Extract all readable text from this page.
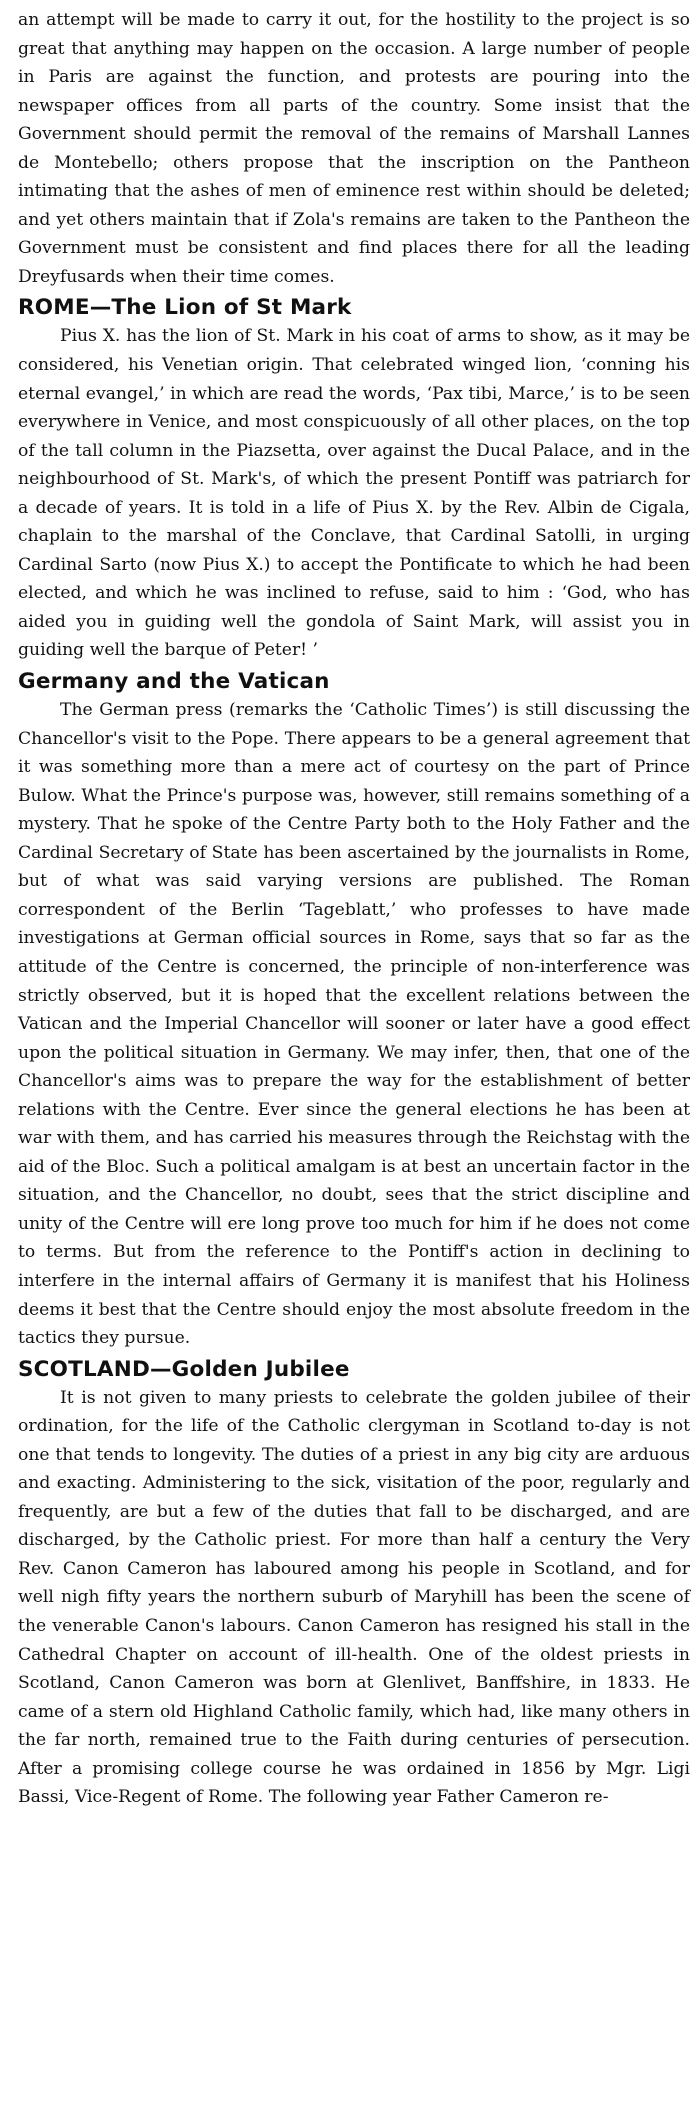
an attempt will be made to carry it out, for the hostility to the project is so great that anything may happen on the occasion. A large number of people in Paris are against the function, and protests are pouring into the newspaper offices from all parts of the country. Some insist that the Government should permit the removal of the remains of Marshall Lannes de Montebello; others propose that the inscription on the Pantheon intimating that the ashes of men of eminence rest within should be deleted; and yet others maintain that if Zola's remains are taken to the Pantheon the Government must be consistent and find places there for all the leading Dreyfusards when their time comes.

ROME—The Lion of St Mark

Pius X. has the lion of St. Mark in his coat of arms to show, as it may be considered, his Venetian origin. That celebrated winged lion, ‘conning his eternal evangel,’ in which are read the words, ‘Pax tibi, Marce,’ is to be seen everywhere in Venice, and most conspicuously of all other places, on the top of the tall column in the Piazsetta, over against the Ducal Palace, and in the neighbourhood of St. Mark's, of which the present Pontiff was patriarch for a decade of years. It is told in a life of Pius X. by the Rev. Albin de Cigala, chaplain to the marshal of the Conclave, that Cardinal Satolli, in urging Cardinal Sarto (now Pius X.) to accept the Pontificate to which he had been elected, and which he was inclined to refuse, said to him : ‘God, who has aided you in guiding well the gondola of Saint Mark, will assist you in guiding well the barque of Peter! ’

Germany and the Vatican

The German press (remarks the ‘Catholic Times’) is still discussing the Chancellor's visit to the Pope. There appears to be a general agreement that it was something more than a mere act of courtesy on the part of Prince Bulow. What the Prince's purpose was, however, still remains something of a mystery. That he spoke of the Centre Party both to the Holy Father and the Cardinal Secretary of State has been ascertained by the journalists in Rome, but of what was said varying versions are published. The Roman correspondent of the Berlin ‘Tageblatt,’ who professes to have made investigations at German official sources in Rome, says that so far as the attitude of the Centre is concerned, the principle of non-interference was strictly observed, but it is hoped that the excellent relations between the Vatican and the Imperial Chancellor will sooner or later have a good effect upon the political situation in Germany. We may infer, then, that one of the Chancellor's aims was to prepare the way for the establishment of better relations with the Centre. Ever since the general elections he has been at war with them, and has carried his measures through the Reichstag with the aid of the Bloc. Such a political amalgam is at best an uncertain factor in the situation, and the Chancellor, no doubt, sees that the strict discipline and unity of the Centre will ere long prove too much for him if he does not come to terms. But from the reference to the Pontiff's action in declining to interfere in the internal affairs of Germany it is manifest that his Holiness deems it best that the Centre should enjoy the most absolute freedom in the tactics they pursue.

SCOTLAND—Golden Jubilee

It is not given to many priests to celebrate the golden jubilee of their ordination, for the life of the Catholic clergyman in Scotland to-day is not one that tends to longevity. The duties of a priest in any big city are arduous and exacting. Administering to the sick, visitation of the poor, regularly and frequently, are but a few of the duties that fall to be discharged, and are discharged, by the Catholic priest. For more than half a century the Very Rev. Canon Cameron has laboured among his people in Scotland, and for well nigh fifty years the northern suburb of Maryhill has been the scene of the venerable Canon's labours. Canon Cameron has resigned his stall in the Cathedral Chapter on account of ill-health. One of the oldest priests in Scotland, Canon Cameron was born at Glenlivet, Banffshire, in 1833. He came of a stern old Highland Catholic family, which had, like many others in the far north, remained true to the Faith during centuries of persecution. After a promising college course he was ordained in 1856 by Mgr. Ligi Bassi, Vice-Regent of Rome. The following year Father Cameron re-
